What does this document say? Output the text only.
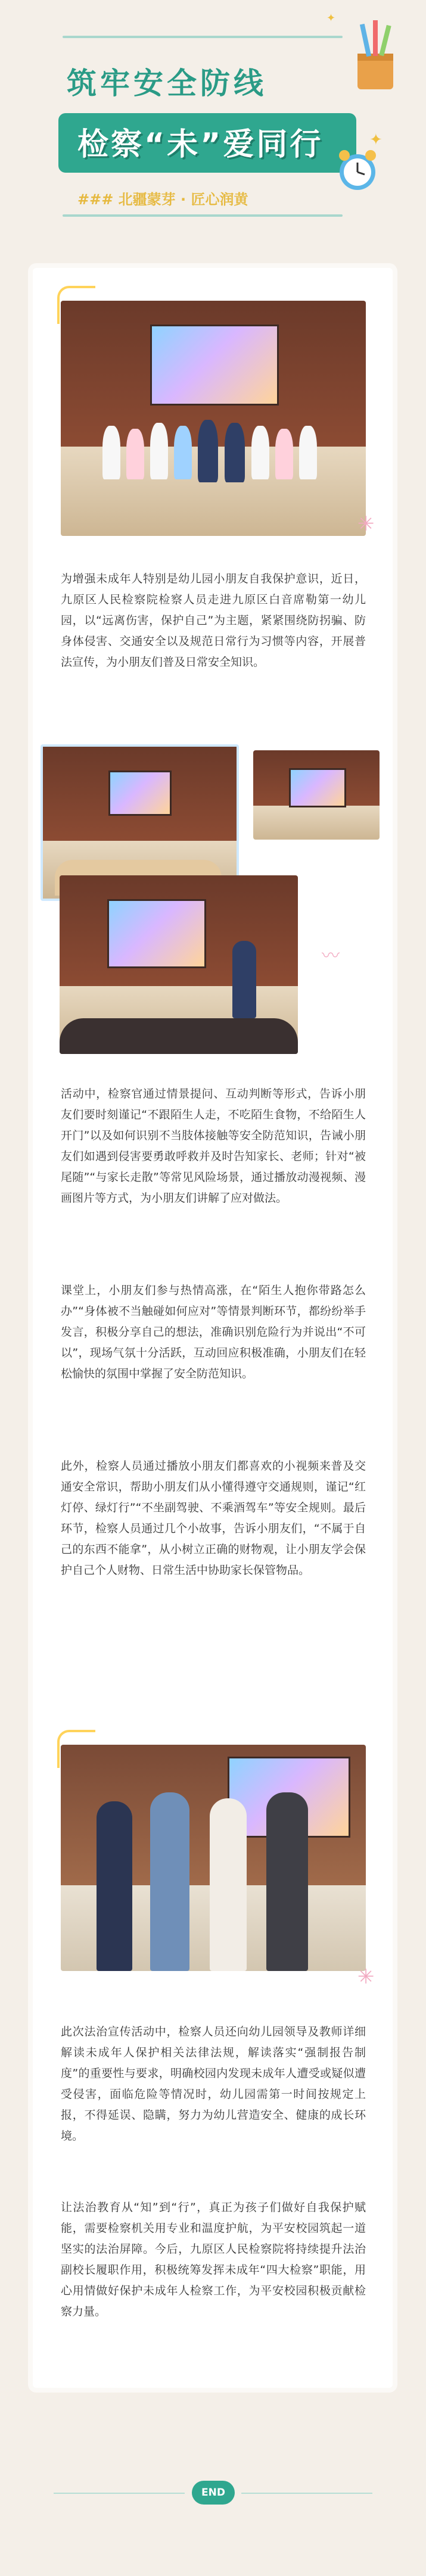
筑牢安全防线
检察“未”爱同行
### 北疆蒙芽 · 匠心润黄
✦
✦
✳
为增强未成年人特别是幼儿园小朋友自我保护意识，近日，九原区人民检察院检察人员走进九原区白音席勒第一幼儿园，以“远离伤害，保护自己”为主题，紧紧围绕防拐骗、防身体侵害、交通安全以及规范日常行为习惯等内容，开展普法宣传，为小朋友们普及日常安全知识。
〰
活动中，检察官通过情景提问、互动判断等形式，告诉小朋友们要时刻谨记“不跟陌生人走，不吃陌生食物，不给陌生人开门”以及如何识别不当肢体接触等安全防范知识，告诫小朋友们如遇到侵害要勇敢呼救并及时告知家长、老师；针对“被尾随”“与家长走散”等常见风险场景，通过播放动漫视频、漫画图片等方式，为小朋友们讲解了应对做法。
课堂上，小朋友们参与热情高涨，在“陌生人抱你带路怎么办”“身体被不当触碰如何应对”等情景判断环节，都纷纷举手发言，积极分享自己的想法，准确识别危险行为并说出“不可以”，现场气氛十分活跃，互动回应积极准确，小朋友们在轻松愉快的氛围中掌握了安全防范知识。
此外，检察人员通过播放小朋友们都喜欢的小视频来普及交通安全常识，帮助小朋友们从小懂得遵守交通规则，谨记“红灯停、绿灯行”“不坐副驾驶、不乘酒驾车”等安全规则。最后环节，检察人员通过几个小故事，告诉小朋友们，“不属于自己的东西不能拿”，从小树立正确的财物观，让小朋友学会保护自己个人财物、日常生活中协助家长保管物品。
✳
此次法治宣传活动中，检察人员还向幼儿园领导及教师详细解读未成年人保护相关法律法规，解读落实“强制报告制度”的重要性与要求，明确校园内发现未成年人遭受或疑似遭受侵害，面临危险等情况时，幼儿园需第一时间按规定上报，不得延误、隐瞒，努力为幼儿营造安全、健康的成长环境。
让法治教育从“知”到“行”，真正为孩子们做好自我保护赋能，需要检察机关用专业和温度护航，为平安校园筑起一道坚实的法治屏障。今后，九原区人民检察院将持续提升法治副校长履职作用，积极统筹发挥未成年“四大检察”职能，用心用情做好保护未成年人检察工作，为平安校园积极贡献检察力量。
END
